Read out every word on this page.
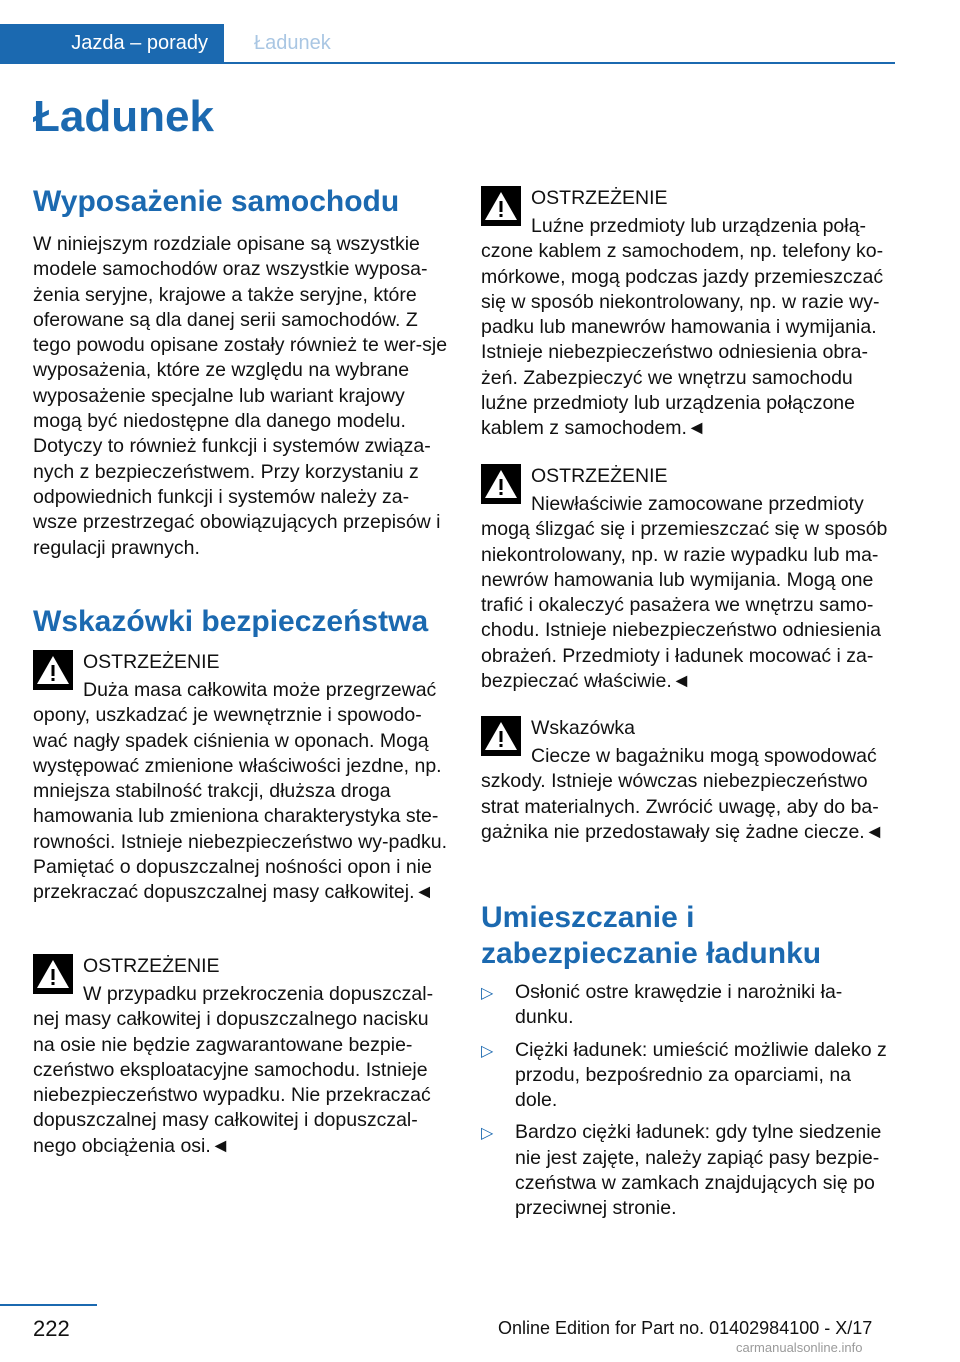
Jazda – porady	Ładunek
Ładunek
Wyposażenie samochodu

W niniejszym rozdziale opisane są wszystkie modele samochodów oraz wszystkie wyposa-żenia seryjne, krajowe a także seryjne, które oferowane są dla danej serii samochodów. Z tego powodu opisane zostały również te wer-sje wyposażenia, które ze względu na wybrane wyposażenie specjalne lub wariant krajowy mogą być niedostępne dla danego modelu. Dotyczy to również funkcji i systemów związa-nych z bezpieczeństwem. Przy korzystaniu z odpowiednich funkcji i systemów należy za-wsze przestrzegać obowiązujących przepisów i regulacji prawnych.

Wskazówki bezpieczeństwa
OSTRZEŻENIE

Duża masa całkowita może przegrzewać opony, uszkadzać je wewnętrznie i spowodo-wać nagły spadek ciśnienia w oponach. Mogą występować zmienione właściwości jezdne, np. mniejsza stabilność trakcji, dłuższa droga hamowania lub zmieniona charakterystyka ste-rowności. Istnieje niebezpieczeństwo wy-padku. Pamiętać o dopuszczalnej nośności opon i nie przekraczać dopuszczalnej masy całkowitej.◄

OSTRZEŻENIE

W przypadku przekroczenia dopuszczal-nej masy całkowitej i dopuszczalnego nacisku na osie nie będzie zagwarantowane bezpie-czeństwo eksploatacyjne samochodu. Istnieje niebezpieczeństwo wypadku. Nie przekraczać dopuszczalnej masy całkowitej i dopuszczal-nego obciążenia osi.◄

OSTRZEŻENIE

Luźne przedmioty lub urządzenia połą-czone kablem z samochodem, np. telefony ko-mórkowe, mogą podczas jazdy przemieszczać się w sposób niekontrolowany, np. w razie wy-padku lub manewrów hamowania i wymijania. Istnieje niebezpieczeństwo odniesienia obra-żeń. Zabezpieczyć we wnętrzu samochodu luźne przedmioty lub urządzenia połączone kablem z samochodem.◄

OSTRZEŻENIE

Niewłaściwie zamocowane przedmioty mogą ślizgać się i przemieszczać się w sposób niekontrolowany, np. w razie wypadku lub ma-newrów hamowania lub wymijania. Mogą one trafić i okaleczyć pasażera we wnętrzu samo-chodu. Istnieje niebezpieczeństwo odniesienia obrażeń. Przedmioty i ładunek mocować i za-bezpieczać właściwie.◄

Wskazówka

Ciecze w bagażniku mogą spowodować szkody. Istnieje wówczas niebezpieczeństwo strat materialnych. Zwrócić uwagę, aby do ba-gażnika nie przedostawały się żadne ciecze.◄

Umieszczanie i zabezpieczanie ładunku
▷ Osłonić ostre krawędzie i narożniki ła-dunku.
▷ Ciężki ładunek: umieścić możliwie daleko z przodu, bezpośrednio za oparciami, na dole.
▷ Bardzo ciężki ładunek: gdy tylne siedzenie nie jest zajęte, należy zapiąć pasy bezpie-czeństwa w zamkach znajdujących się po przeciwnej stronie.
222	Online Edition for Part no. 01402984100 - X/17
carmanualsonline.info
